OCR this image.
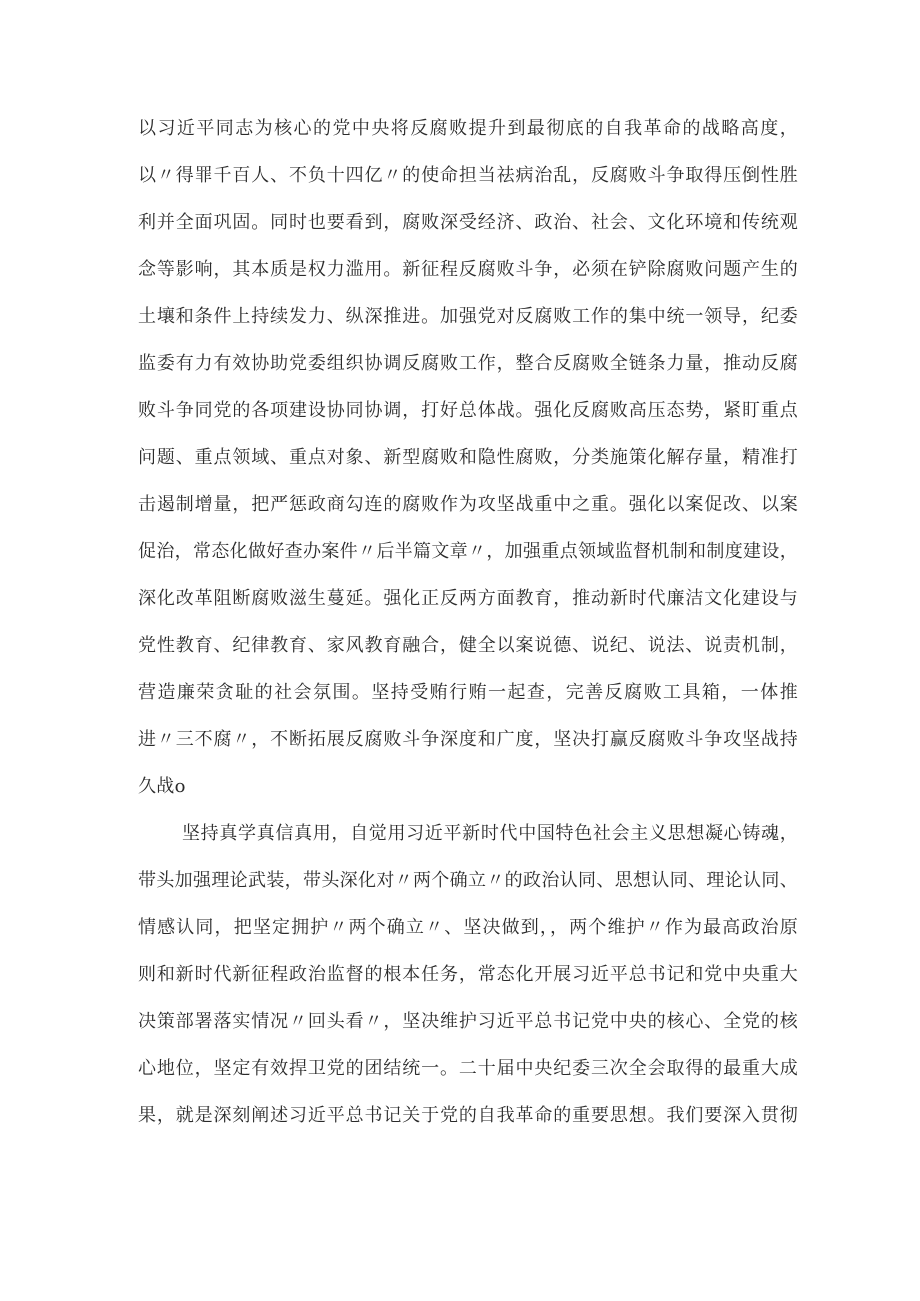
以习近平同志为核心的党中央将反腐败提升到最彻底的自我革命的战略高度，
以〃得罪千百人、不负十四亿〃的使命担当祛病治乱，反腐败斗争取得压倒性胜
利并全面巩固。同时也要看到，腐败深受经济、政治、社会、文化环境和传统观
念等影响，其本质是权力滥用。新征程反腐败斗争，必须在铲除腐败问题产生的
土壤和条件上持续发力、纵深推进。加强党对反腐败工作的集中统一领导，纪委
监委有力有效协助党委组织协调反腐败工作，整合反腐败全链条力量，推动反腐
败斗争同党的各项建设协同协调，打好总体战。强化反腐败高压态势，紧盯重点
问题、重点领域、重点对象、新型腐败和隐性腐败，分类施策化解存量，精准打
击遏制增量，把严惩政商勾连的腐败作为攻坚战重中之重。强化以案促改、以案
促治，常态化做好查办案件〃后半篇文章〃，加强重点领域监督机制和制度建设，
深化改革阻断腐败滋生蔓延。强化正反两方面教育，推动新时代廉洁文化建设与
党性教育、纪律教育、家风教育融合，健全以案说德、说纪、说法、说责机制，
营造廉荣贪耻的社会氛围。坚持受贿行贿一起查，完善反腐败工具箱，一体推
进〃三不腐〃，不断拓展反腐败斗争深度和广度，坚决打赢反腐败斗争攻坚战持
久战o
坚持真学真信真用，自觉用习近平新时代中国特色社会主义思想凝心铸魂，
带头加强理论武装，带头深化对〃两个确立〃的政治认同、思想认同、理论认同、
情感认同，把坚定拥护〃两个确立〃、坚决做到，，两个维护〃作为最高政治原
则和新时代新征程政治监督的根本任务，常态化开展习近平总书记和党中央重大
决策部署落实情况〃回头看〃，坚决维护习近平总书记党中央的核心、全党的核
心地位，坚定有效捍卫党的团结统一。二十届中央纪委三次全会取得的最重大成
果，就是深刻阐述习近平总书记关于党的自我革命的重要思想。我们要深入贯彻
